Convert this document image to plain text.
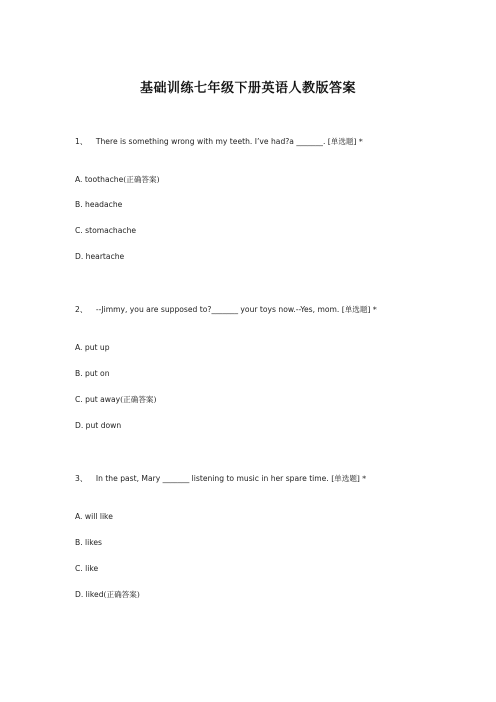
基础训练七年级下册英语人教版答案
1、 There is something wrong with my teeth. I’ve had?a _______. [单选题] *
A. toothache(正确答案)
B. headache
C. stomachache
D. heartache
2、 --Jimmy, you are supposed to?_______ your toys now.--Yes, mom. [单选题] *
A. put up
B. put on
C. put away(正确答案)
D. put down
3、 In the past, Mary _______ listening to music in her spare time. [单选题] *
A. will like
B. likes
C. like
D. liked(正确答案)
